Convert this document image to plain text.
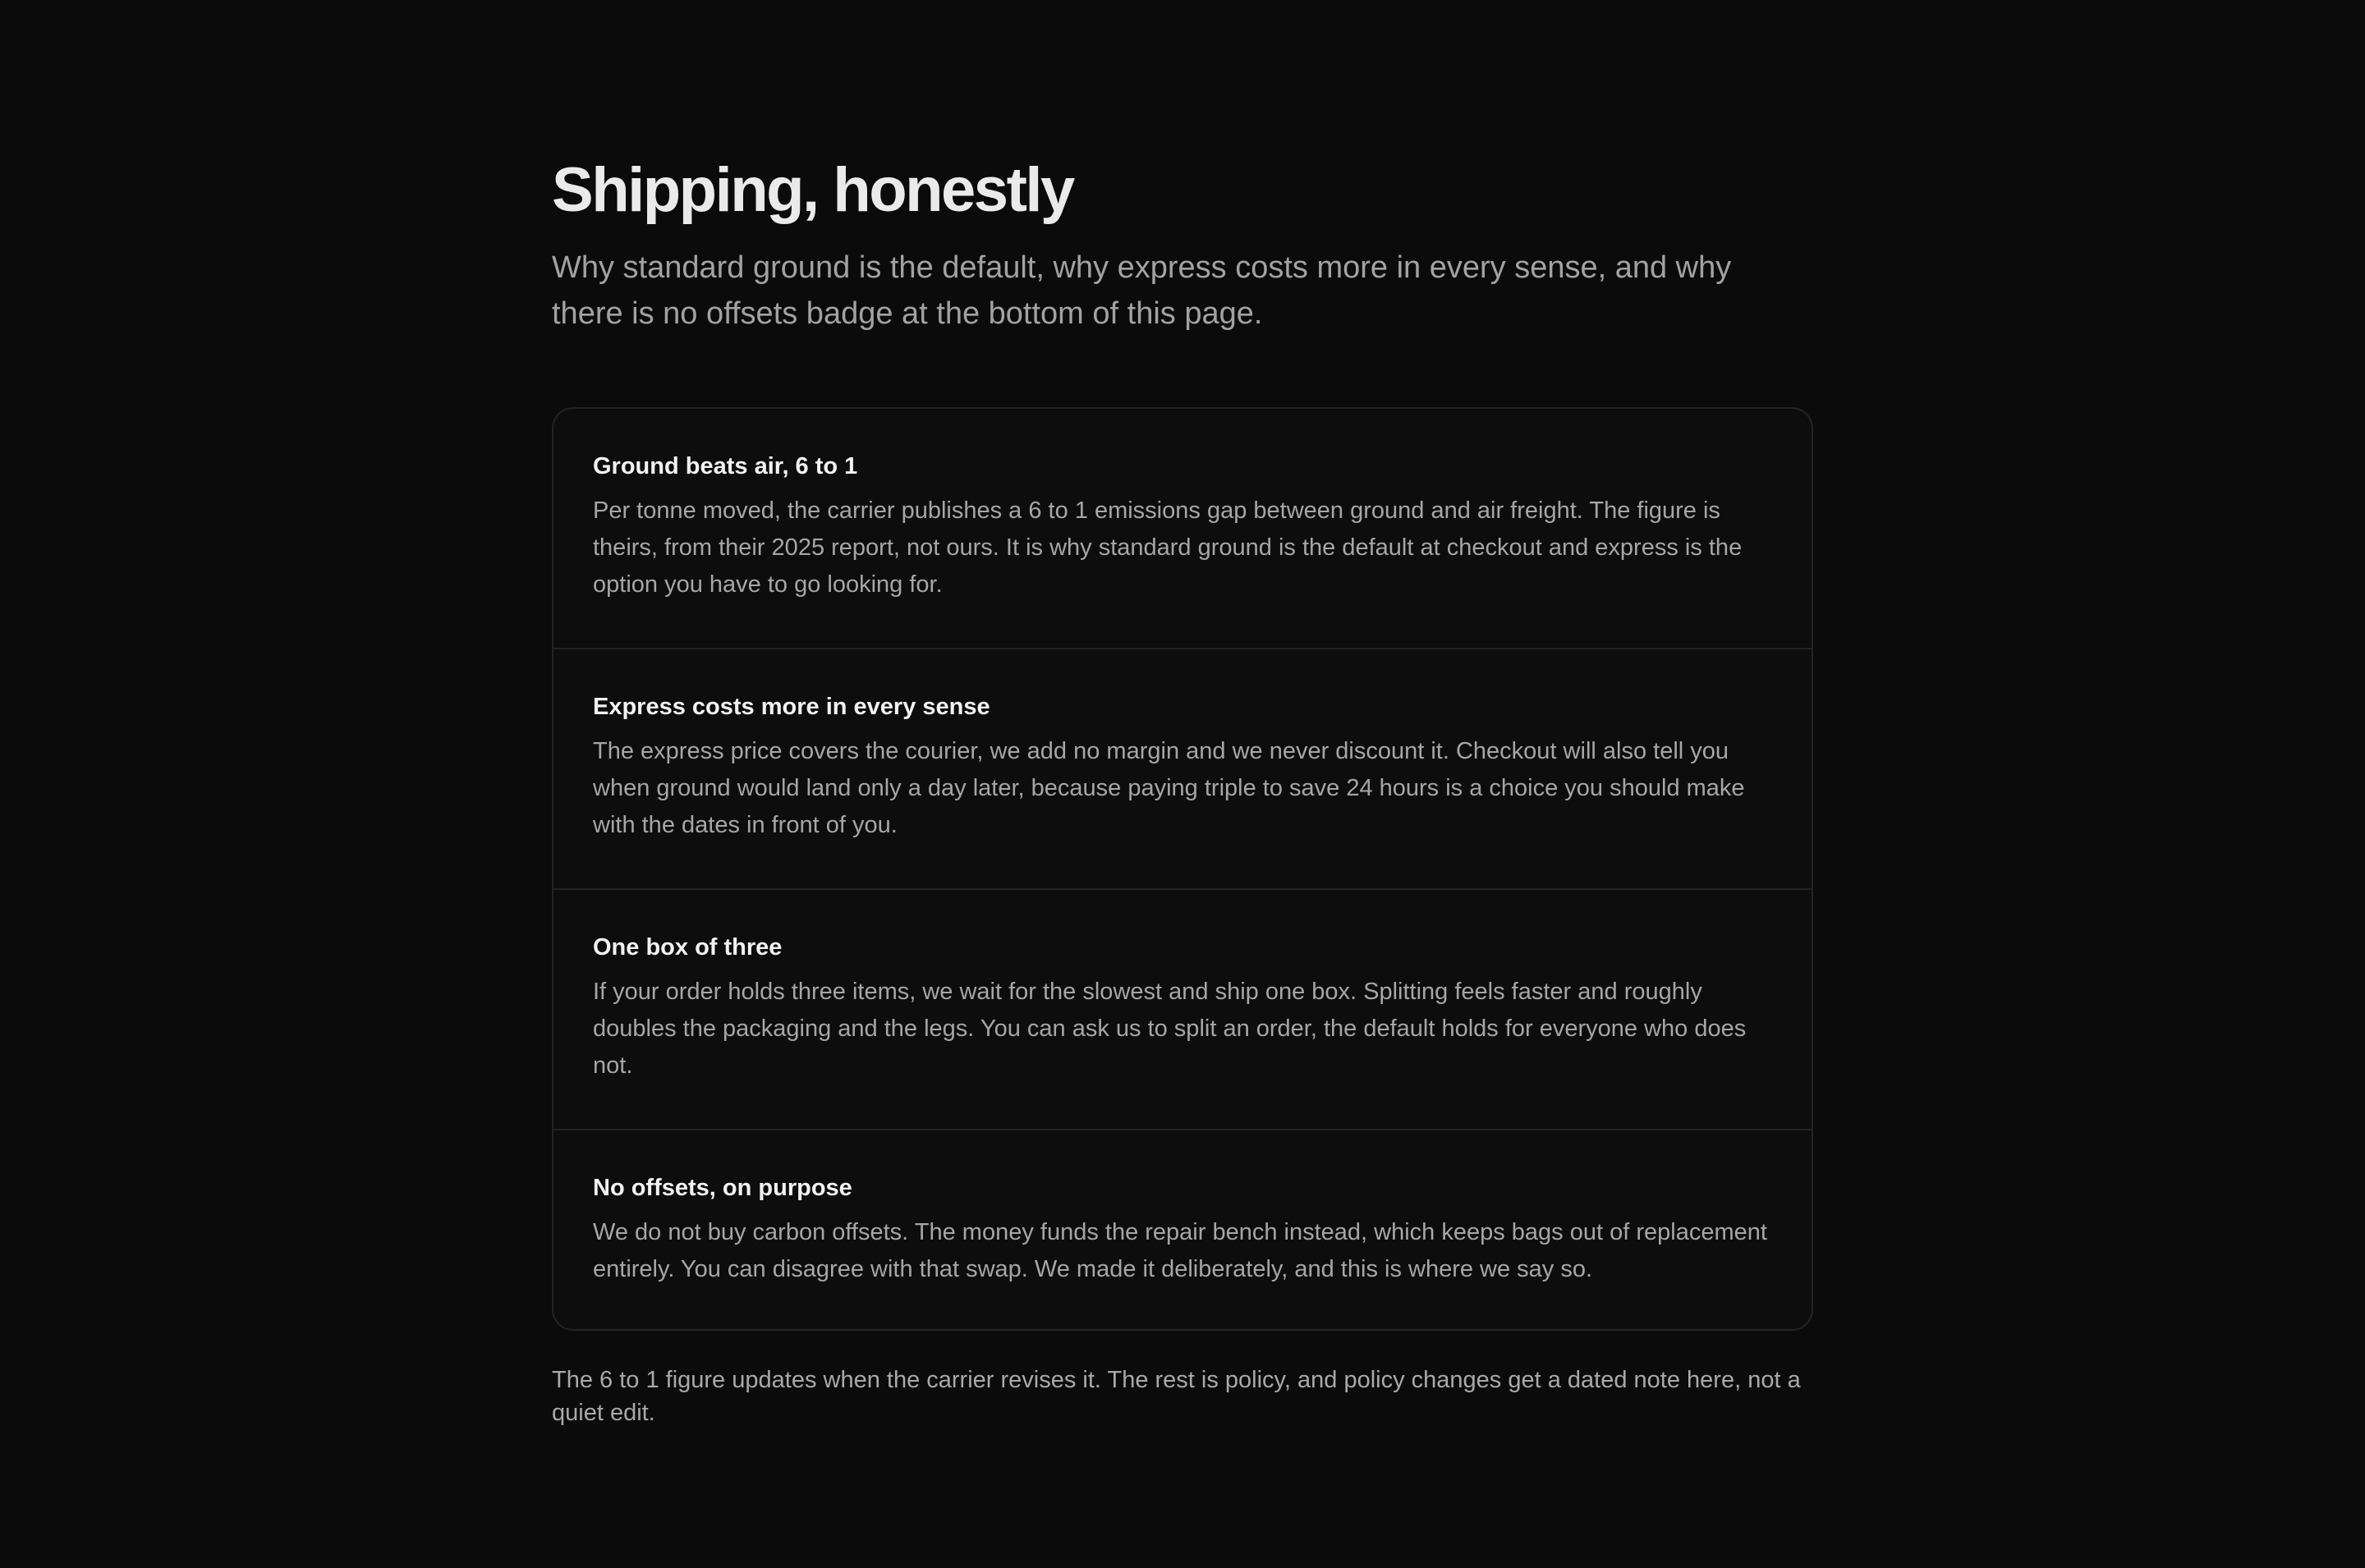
Shipping, honestly

Why standard ground is the default, why express costs more in every sense, and why there is no offsets badge at the bottom of this page.

Ground beats air, 6 to 1

Per tonne moved, the carrier publishes a 6 to 1 emissions gap between ground and air freight. The figure is theirs, from their 2025 report, not ours. It is why standard ground is the default at checkout and express is the option you have to go looking for.

Express costs more in every sense

The express price covers the courier, we add no margin and we never discount it. Checkout will also tell you when ground would land only a day later, because paying triple to save 24 hours is a choice you should make with the dates in front of you.

One box of three

If your order holds three items, we wait for the slowest and ship one box. Splitting feels faster and roughly doubles the packaging and the legs. You can ask us to split an order, the default holds for everyone who does not.

No offsets, on purpose

We do not buy carbon offsets. The money funds the repair bench instead, which keeps bags out of replacement entirely. You can disagree with that swap. We made it deliberately, and this is where we say so.

The 6 to 1 figure updates when the carrier revises it. The rest is policy, and policy changes get a dated note here, not a quiet edit.
